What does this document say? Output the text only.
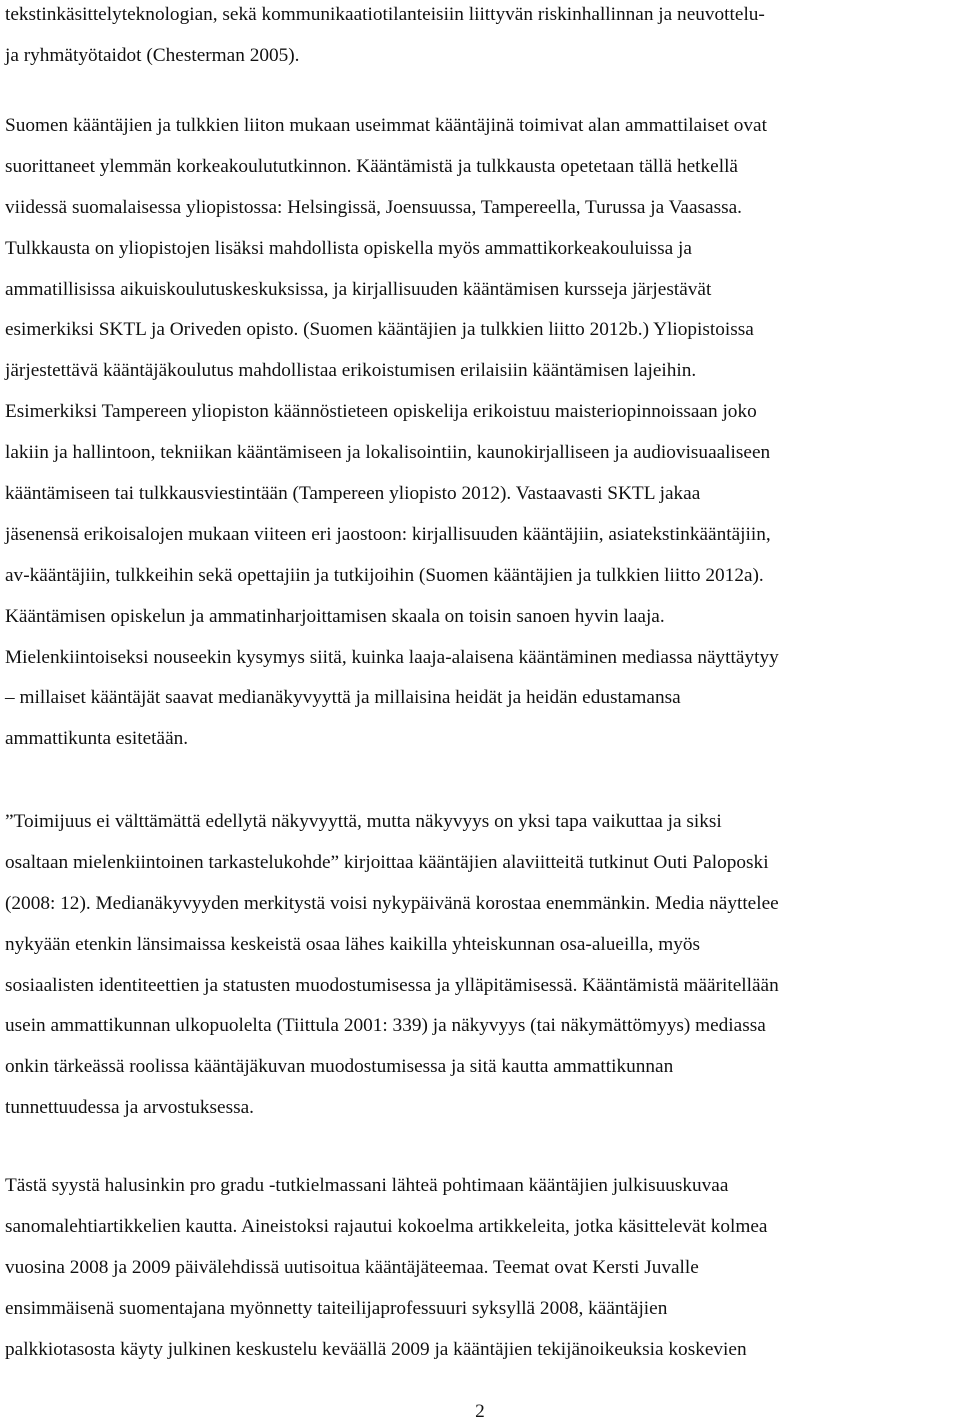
tekstinkäsittelyteknologian, sekä kommunikaatiotilanteisiin liittyvän riskinhallinnan ja neuvottelu-
ja ryhmätyötaidot (Chesterman 2005).

Suomen kääntäjien ja tulkkien liiton mukaan useimmat kääntäjinä toimivat alan ammattilaiset ovat
suorittaneet ylemmän korkeakoulututkinnon. Kääntämistä ja tulkkausta opetetaan tällä hetkellä
viidessä suomalaisessa yliopistossa: Helsingissä, Joensuussa, Tampereella, Turussa ja Vaasassa.
Tulkkausta on yliopistojen lisäksi mahdollista opiskella myös ammattikorkeakouluissa ja
ammatillisissa aikuiskoulutuskeskuksissa, ja kirjallisuuden kääntämisen kursseja järjestävät
esimerkiksi SKTL ja Oriveden opisto. (Suomen kääntäjien ja tulkkien liitto 2012b.) Yliopistoissa
järjestettävä kääntäjäkoulutus mahdollistaa erikoistumisen erilaisiin kääntämisen lajeihin.
Esimerkiksi Tampereen yliopiston käännöstieteen opiskelija erikoistuu maisteriopinnoissaan joko
lakiin ja hallintoon, tekniikan kääntämiseen ja lokalisointiin, kaunokirjalliseen ja audiovisuaaliseen
kääntämiseen tai tulkkausviestintään (Tampereen yliopisto 2012). Vastaavasti SKTL jakaa
jäsenensä erikoisalojen mukaan viiteen eri jaostoon: kirjallisuuden kääntäjiin, asiatekstinkääntäjiin,
av-kääntäjiin, tulkkeihin sekä opettajiin ja tutkijoihin (Suomen kääntäjien ja tulkkien liitto 2012a).
Kääntämisen opiskelun ja ammatinharjoittamisen skaala on toisin sanoen hyvin laaja.
Mielenkiintoiseksi nouseekin kysymys siitä, kuinka laaja-alaisena kääntäminen mediassa näyttäytyy
– millaiset kääntäjät saavat medianäkyvyyttä ja millaisina heidät ja heidän edustamansa
ammattikunta esitetään.

”Toimijuus ei välttämättä edellytä näkyvyyttä, mutta näkyvyys on yksi tapa vaikuttaa ja siksi
osaltaan mielenkiintoinen tarkastelukohde” kirjoittaa kääntäjien alaviitteitä tutkinut Outi Paloposki
(2008: 12). Medianäkyvyyden merkitystä voisi nykypäivänä korostaa enemmänkin. Media näyttelee
nykyään etenkin länsimaissa keskeistä osaa lähes kaikilla yhteiskunnan osa-alueilla, myös
sosiaalisten identiteettien ja statusten muodostumisessa ja ylläpitämisessä. Kääntämistä määritellään
usein ammattikunnan ulkopuolelta (Tiittula 2001: 339) ja näkyvyys (tai näkymättömyys) mediassa
onkin tärkeässä roolissa kääntäjäkuvan muodostumisessa ja sitä kautta ammattikunnan
tunnettuudessa ja arvostuksessa.

Tästä syystä halusinkin pro gradu -tutkielmassani lähteä pohtimaan kääntäjien julkisuuskuvaa
sanomalehtiartikkelien kautta. Aineistoksi rajautui kokoelma artikkeleita, jotka käsittelevät kolmea
vuosina 2008 ja 2009 päivälehdissä uutisoitua kääntäjäteemaa. Teemat ovat Kersti Juvalle
ensimmäisenä suomentajana myönnetty taiteilijaprofessuuri syksyllä 2008, kääntäjien
palkkiotasosta käyty julkinen keskustelu keväällä 2009 ja kääntäjien tekijänoikeuksia koskevien

2
